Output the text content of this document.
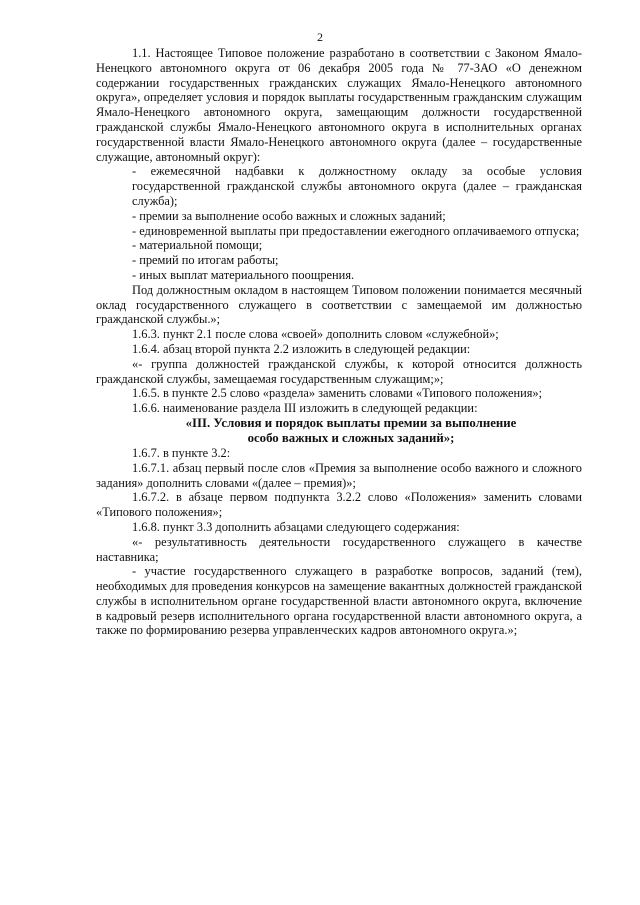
2

1.1. Настоящее Типовое положение разработано в соответствии с Законом Ямало-Ненецкого автономного округа от 06 декабря 2005 года № 77-ЗАО «О денежном содержании государственных гражданских служащих Ямало-Ненецкого автономного округа», определяет условия и порядок выплаты государственным гражданским служащим Ямало-Ненецкого автономного округа, замещающим должности государственной гражданской службы Ямало-Ненецкого автономного округа в исполнительных органах государственной власти Ямало-Ненецкого автономного округа (далее – государственные служащие, автономный округ):

- ежемесячной надбавки к должностному окладу за особые условия государственной гражданской службы автономного округа (далее – гражданская служба);

- премии за выполнение особо важных и сложных заданий;

- единовременной выплаты при предоставлении ежегодного оплачиваемого отпуска;

- материальной помощи;

- премий по итогам работы;

- иных выплат материального поощрения.

Под должностным окладом в настоящем Типовом положении понимается месячный оклад государственного служащего в соответствии с замещаемой им должностью гражданской службы.»;

1.6.3. пункт 2.1 после слова «своей» дополнить словом «служебной»;

1.6.4. абзац второй пункта 2.2 изложить в следующей редакции:

«- группа должностей гражданской службы, к которой относится должность гражданской службы, замещаемая государственным служащим;»;

1.6.5. в пункте 2.5 слово «раздела» заменить словами «Типового положения»;

1.6.6. наименование раздела III изложить в следующей редакции:

«III. Условия и порядок выплаты премии за выполнение

особо важных и сложных заданий»;

1.6.7. в пункте 3.2:

1.6.7.1. абзац первый после слов «Премия за выполнение особо важного и сложного задания» дополнить словами «(далее – премия)»;

1.6.7.2. в абзаце первом подпункта 3.2.2 слово «Положения» заменить словами «Типового положения»;

1.6.8. пункт 3.3 дополнить абзацами следующего содержания:

«- результативность деятельности государственного служащего в качестве наставника;

- участие государственного служащего в разработке вопросов, заданий (тем), необходимых для проведения конкурсов на замещение вакантных должностей гражданской службы в исполнительном органе государственной власти автономного округа, включение в кадровый резерв исполнительного органа государственной власти автономного округа, а также по формированию резерва управленческих кадров автономного округа.»;
